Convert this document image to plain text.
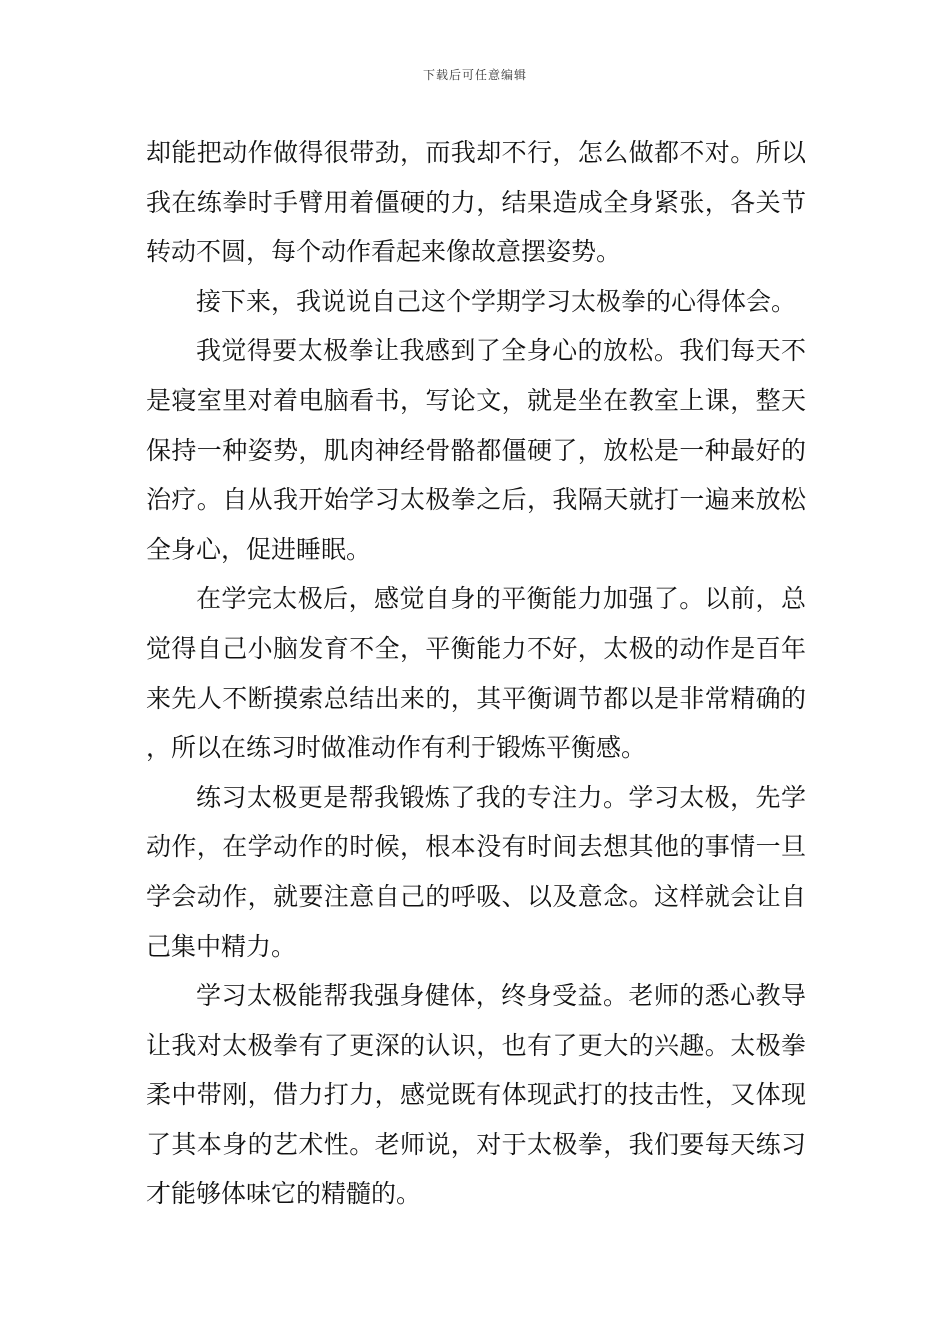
下载后可任意编辑

却能把动作做得很带劲，而我却不行，怎么做都不对。所以我在练拳时手臂用着僵硬的力，结果造成全身紧张，各关节转动不圆，每个动作看起来像故意摆姿势。

接下来，我说说自己这个学期学习太极拳的心得体会。

我觉得要太极拳让我感到了全身心的放松。我们每天不是寝室里对着电脑看书，写论文，就是坐在教室上课，整天保持一种姿势，肌肉神经骨骼都僵硬了，放松是一种最好的治疗。自从我开始学习太极拳之后，我隔天就打一遍来放松全身心，促进睡眠。

在学完太极后，感觉自身的平衡能力加强了。以前，总觉得自己小脑发育不全，平衡能力不好，太极的动作是百年来先人不断摸索总结出来的，其平衡调节都以是非常精确的，所以在练习时做准动作有利于锻炼平衡感。

练习太极更是帮我锻炼了我的专注力。学习太极，先学动作，在学动作的时候，根本没有时间去想其他的事情一旦学会动作，就要注意自己的呼吸、以及意念。这样就会让自己集中精力。

学习太极能帮我强身健体，终身受益。老师的悉心教导让我对太极拳有了更深的认识，也有了更大的兴趣。太极拳柔中带刚，借力打力，感觉既有体现武打的技击性，又体现了其本身的艺术性。老师说，对于太极拳，我们要每天练习才能够体味它的精髓的。
